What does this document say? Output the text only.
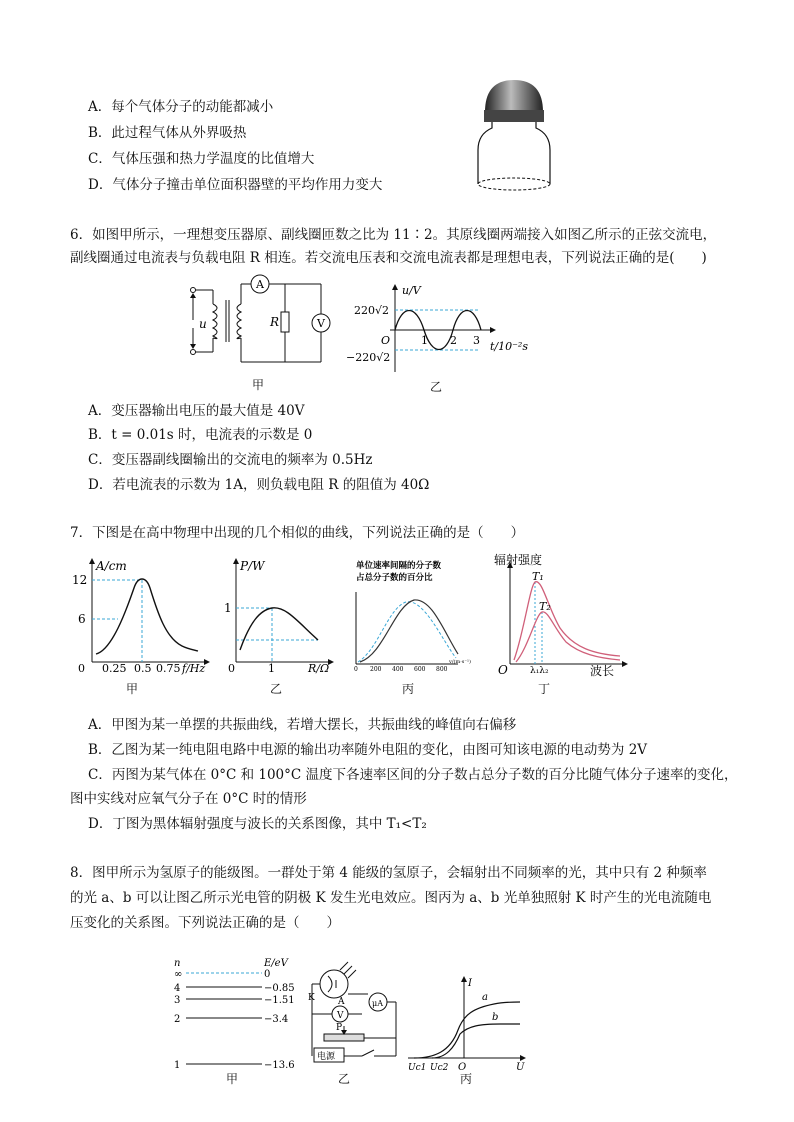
A．每个气体分子的动能都减小
B．此过程气体从外界吸热
C．气体压强和热力学温度的比值增大
D．气体分子撞击单位面积器壁的平均作用力变大
6．如图甲所示，一理想变压器原、副线圈匝数之比为 11∶2。其原线圈两端接入如图乙所示的正弦交流电，
副线圈通过电流表与负载电阻 R 相连。若交流电压表和交流电流表都是理想电表，下列说法正确的是(　　)
A
V
R
u
甲
u/V
220√2
−220√2
O	1 2 3 t/10⁻²s
乙
A．变压器输出电压的最大值是 40V
B．t = 0.01s 时，电流表的示数是 0
C．变压器副线圈输出的交流电的频率为 0.5Hz
D．若电流表的示数为 1A，则负载电阻 R 的阻值为 40Ω
7．下图是在高中物理中出现的几个相似的曲线，下列说法正确的是（　　）
A/cm
12
6
0 0.25 0.5 0.75 f/Hz
甲
P/W
1
0	1	R/Ω
乙
单位速率间隔的分子数
占总分子数的百分比
0 200 400 600 800
v/(m·s⁻¹)
丙
辐射强度
T₁
T₂
O λ₁λ₂	波长
丁
A．甲图为某一单摆的共振曲线，若增大摆长，共振曲线的峰值向右偏移
B．乙图为某一纯电阻电路中电源的输出功率随外电阻的变化，由图可知该电源的电动势为 2V
C．丙图为某气体在 0°C 和 100°C 温度下各速率区间的分子数占总分子数的百分比随气体分子速率的变化，
图中实线对应氧气分子在 0°C 时的情形
D．丁图为黑体辐射强度与波长的关系图像，其中 T₁<T₂
8．图甲所示为氢原子的能级图。一群处于第 4 能级的氢原子，会辐射出不同频率的光，其中只有 2 种频率
的光 a、b 可以让图乙所示光电管的阴极 K 发生光电效应。图丙为 a、b 光单独照射 K 时产生的光电流随电
压变化的关系图。下列说法正确的是（　　）
n	E/eV
∞	0
4	−0.85
3	−1.51
2	−3.4
1	−13.6
甲
K	A	μA
V
P
电源
乙
I
U
O
Uc1 Uc2
a
b
丙
